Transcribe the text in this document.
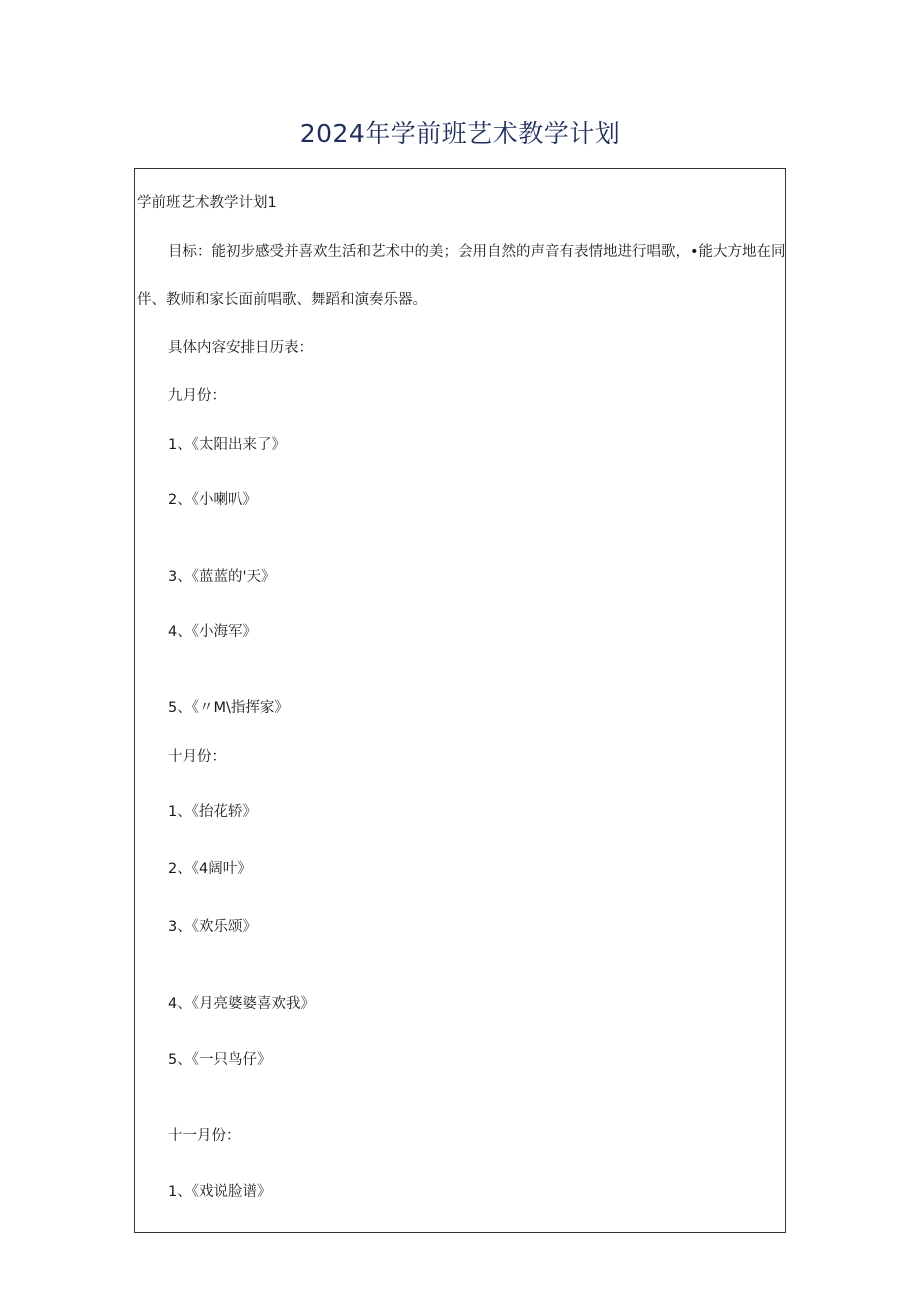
2024年学前班艺术教学计划
学前班艺术教学计划1
目标：能初步感受并喜欢生活和艺术中的美；会用自然的声音有表情地进行唱歌，•能大方地在同
伴、教师和家长面前唱歌、舞蹈和演奏乐器。
具体内容安排日历表：
九月份：
1、《太阳出来了》
2、《小喇叭》
3、《蓝蓝的'天》
4、《小海军》
5、《〃M\指挥家》
十月份：
1、《抬花轿》
2、《4阔叶》
3、《欢乐颂》
4、《月亮婆婆喜欢我》
5、《一只鸟仔》
十一月份：
1、《戏说脸谱》
